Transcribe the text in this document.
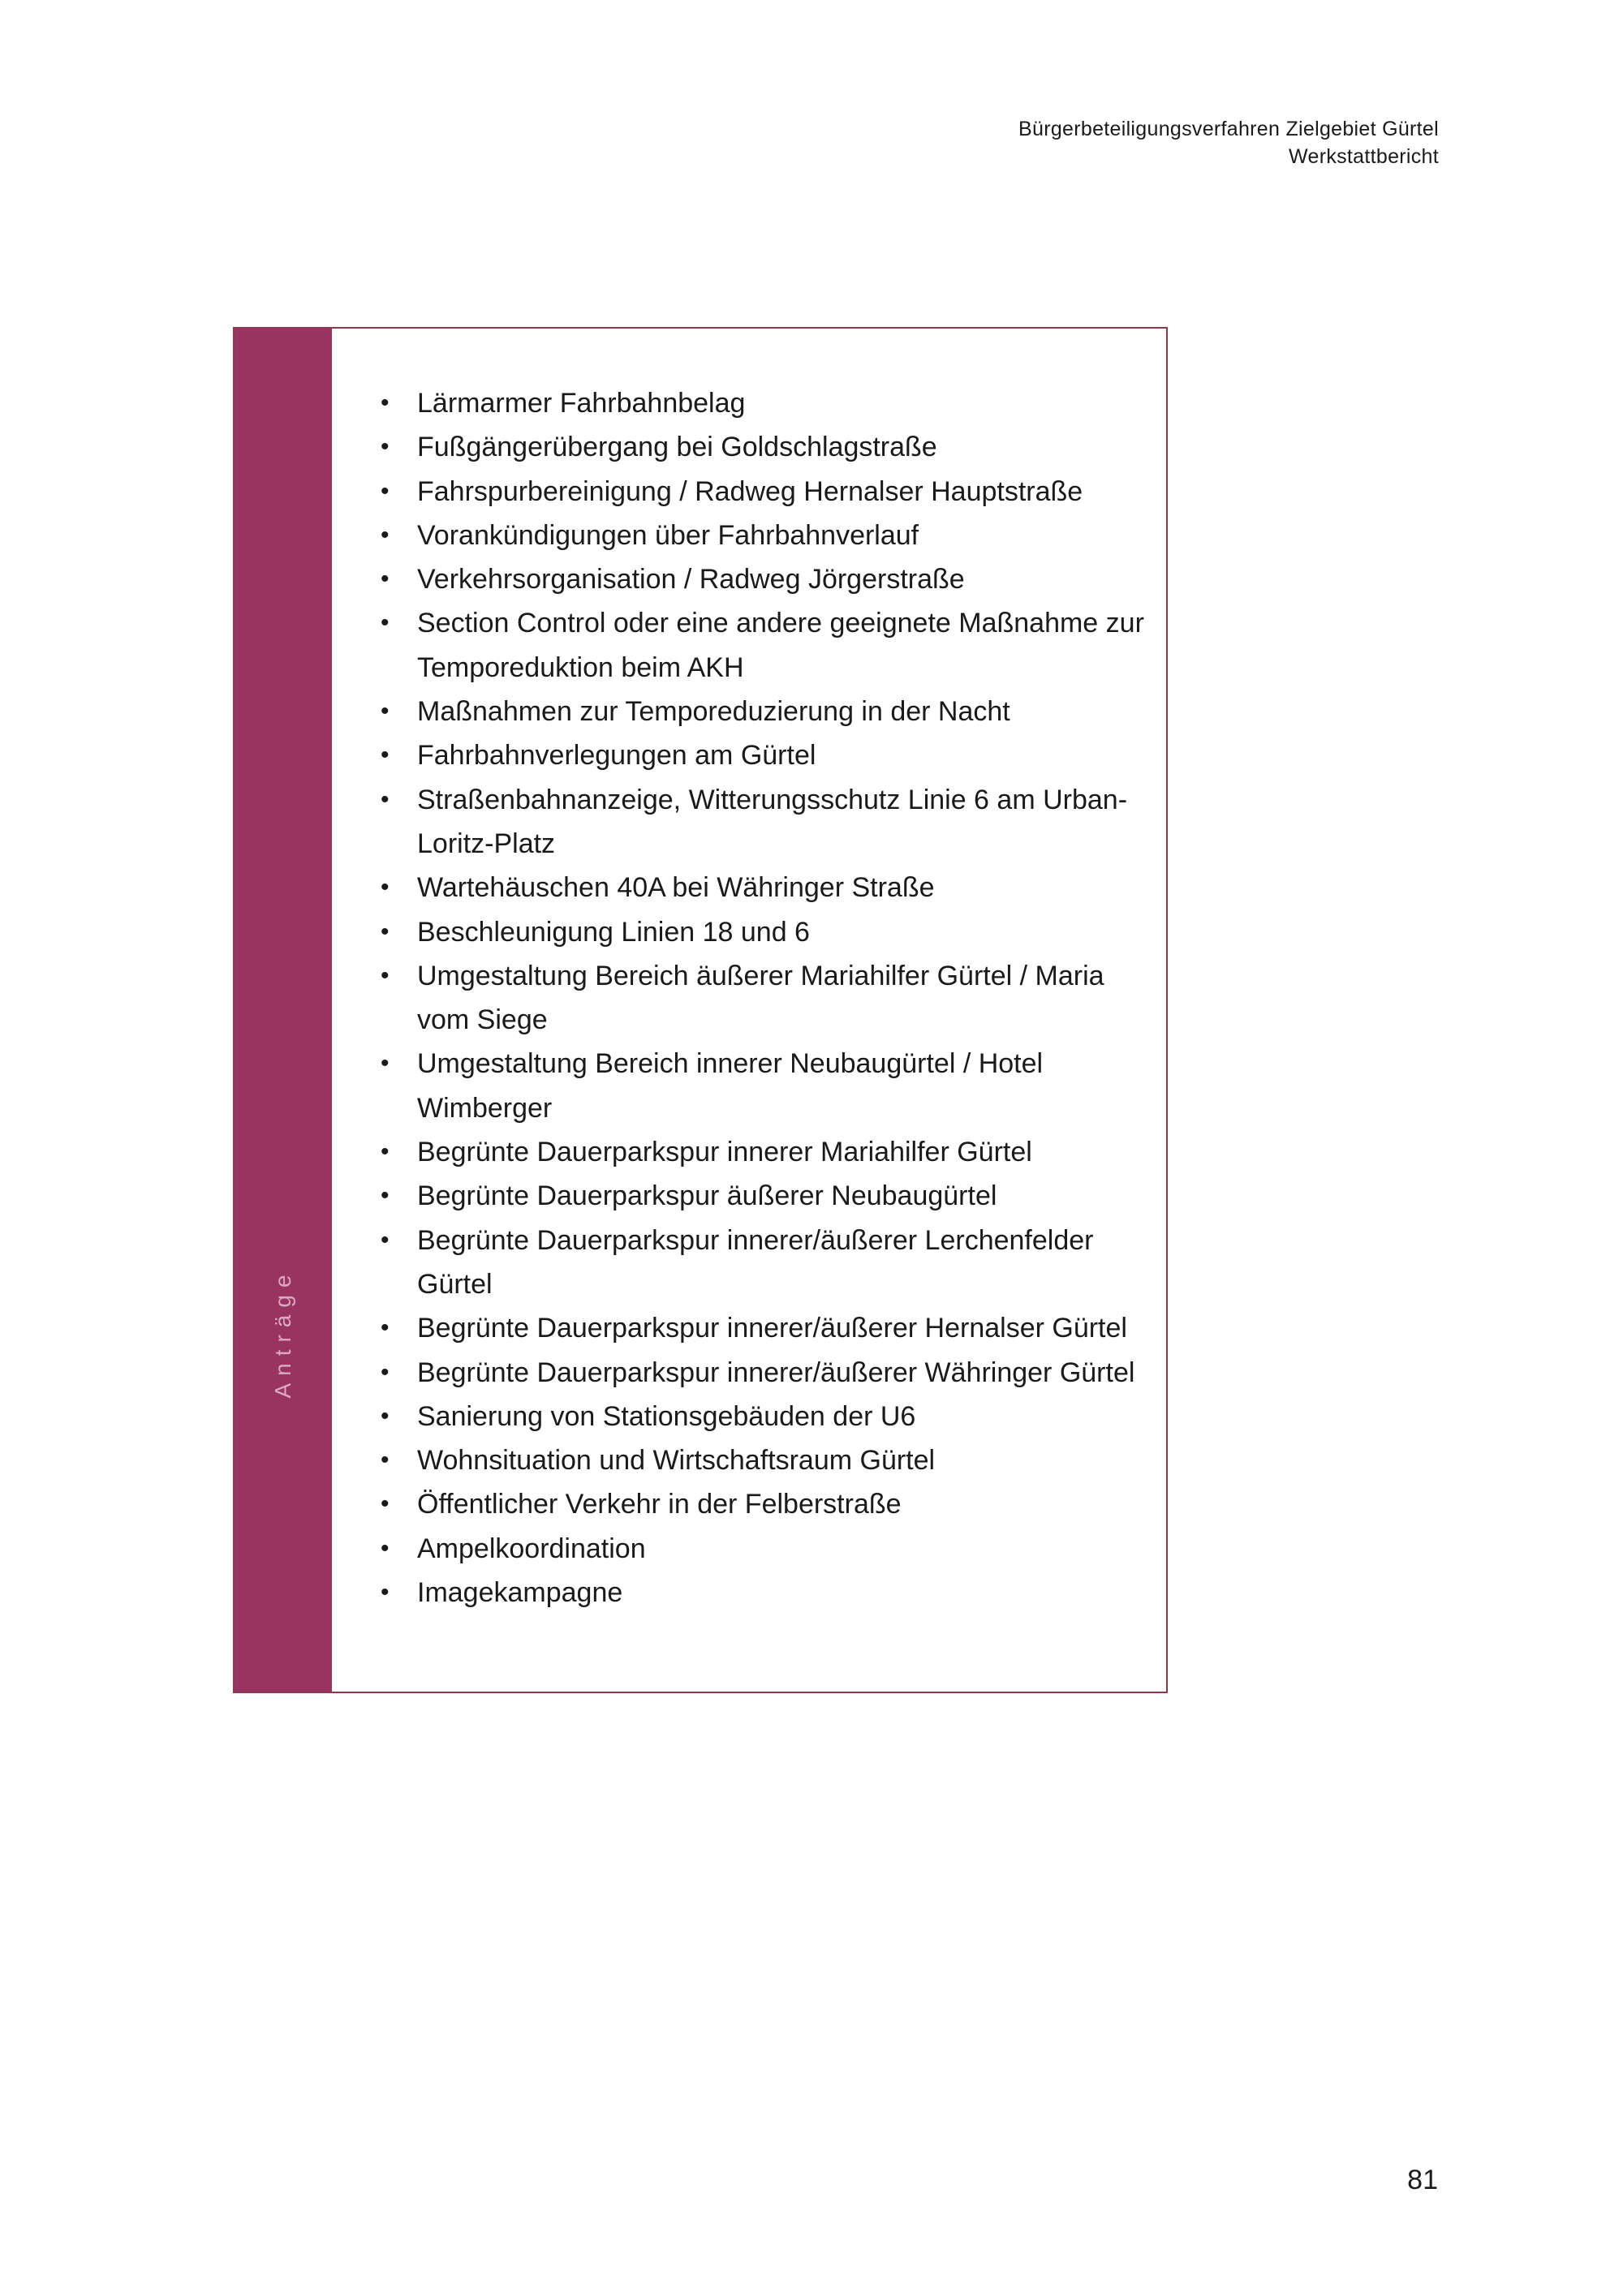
Bürgerbeteiligungsverfahren Zielgebiet Gürtel
Werkstattbericht
Anträge
• Lärmarmer Fahrbahnbelag
• Fußgängerübergang bei Goldschlagstraße
• Fahrspurbereinigung / Radweg Hernalser Hauptstraße
• Vorankündigungen über Fahrbahnverlauf
• Verkehrsorganisation / Radweg Jörgerstraße
• Section Control oder eine andere geeignete Maßnahme zur Temporeduktion beim AKH
• Maßnahmen zur Temporeduzierung in der Nacht
• Fahrbahnverlegungen am Gürtel
• Straßenbahnanzeige, Witterungsschutz Linie 6 am Urban-Loritz-Platz
• Wartehäuschen 40A bei Währinger Straße
• Beschleunigung Linien 18 und 6
• Umgestaltung Bereich äußerer Mariahilfer Gürtel / Maria vom Siege
• Umgestaltung Bereich innerer Neubaugürtel / Hotel Wimberger
• Begrünte Dauerparkspur innerer Mariahilfer Gürtel
• Begrünte Dauerparkspur äußerer Neubaugürtel
• Begrünte Dauerparkspur innerer/äußerer Lerchenfelder Gürtel
• Begrünte Dauerparkspur innerer/äußerer Hernalser Gürtel
• Begrünte Dauerparkspur innerer/äußerer Währinger Gürtel
• Sanierung von Stationsgebäuden der U6
• Wohnsituation und Wirtschaftsraum Gürtel
• Öffentlicher Verkehr in der Felberstraße
• Ampelkoordination
• Imagekampagne
81
